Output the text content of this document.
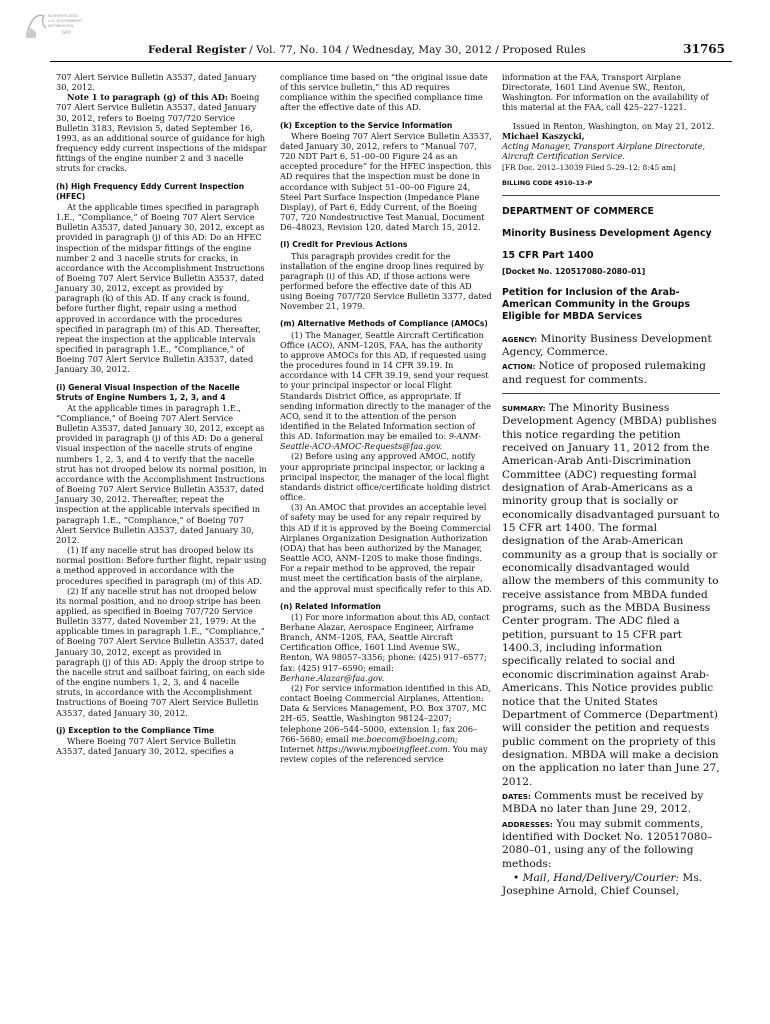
AUTHENTICATED
U.S. GOVERNMENT
INFORMATION
GPO
Federal Register / Vol. 77, No. 104 / Wednesday, May 30, 2012 / Proposed Rules	31765

707 Alert Service Bulletin A3537, dated January 30, 2012.

Note 1 to paragraph (g) of this AD: Boeing 707 Alert Service Bulletin A3537, dated January 30, 2012, refers to Boeing 707/720 Service Bulletin 3183, Revision 5, dated September 16, 1993, as an additional source of guidance for high frequency eddy current inspections of the midspar fittings of the engine number 2 and 3 nacelle struts for cracks.

(h) High Frequency Eddy Current Inspection (HFEC)

At the applicable times specified in paragraph 1.E., “Compliance,” of Boeing 707 Alert Service Bulletin A3537, dated January 30, 2012, except as provided in paragraph (j) of this AD: Do an HFEC inspection of the midspar fittings of the engine number 2 and 3 nacelle struts for cracks, in accordance with the Accomplishment Instructions of Boeing 707 Alert Service Bulletin A3537, dated January 30, 2012, except as provided by paragraph (k) of this AD. If any crack is found, before further flight, repair using a method approved in accordance with the procedures specified in paragraph (m) of this AD. Thereafter, repeat the inspection at the applicable intervals specified in paragraph 1.E., “Compliance,” of Boeing 707 Alert Service Bulletin A3537, dated January 30, 2012.

(i) General Visual Inspection of the Nacelle Struts of Engine Numbers 1, 2, 3, and 4

At the applicable times in paragraph 1.E., “Compliance,” of Boeing 707 Alert Service Bulletin A3537, dated January 30, 2012, except as provided in paragraph (j) of this AD: Do a general visual inspection of the nacelle struts of engine numbers 1, 2, 3, and 4 to verify that the nacelle strut has not drooped below its normal position, in accordance with the Accomplishment Instructions of Boeing 707 Alert Service Bulletin A3537, dated January 30, 2012. Thereafter, repeat the inspection at the applicable intervals specified in paragraph 1.E., “Compliance,” of Boeing 707 Alert Service Bulletin A3537, dated January 30, 2012.

(1) If any nacelle strut has drooped below its normal position: Before further flight, repair using a method approved in accordance with the procedures specified in paragraph (m) of this AD.

(2) If any nacelle strut has not drooped below its normal position, and no droop stripe has been applied, as specified in Boeing 707/720 Service Bulletin 3377, dated November 21, 1979: At the applicable times in paragraph 1.E., “Compliance,” of Boeing 707 Alert Service Bulletin A3537, dated January 30, 2012, except as provided in paragraph (j) of this AD: Apply the droop stripe to the nacelle strut and sailboat fairing, on each side of the engine numbers 1, 2, 3, and 4 nacelle struts, in accordance with the Accomplishment Instructions of Boeing 707 Alert Service Bulletin A3537, dated January 30, 2012.

(j) Exception to the Compliance Time

Where Boeing 707 Alert Service Bulletin A3537, dated January 30, 2012, specifies a

compliance time based on “the original issue date of this service bulletin,” this AD requires compliance within the specified compliance time after the effective date of this AD.

(k) Exception to the Service Information

Where Boeing 707 Alert Service Bulletin A3537, dated January 30, 2012, refers to “Manual 707, 720 NDT Part 6, 51–00–00 Figure 24 as an accepted procedure” for the HFEC inspection, this AD requires that the inspection must be done in accordance with Subject 51–00–00 Figure 24, Steel Part Surface Inspection (Impedance Plane Display), of Part 6, Eddy Current, of the Boeing 707, 720 Nondestructive Test Manual, Document D6–48023, Revision 120, dated March 15, 2012.

(l) Credit for Previous Actions

This paragraph provides credit for the installation of the engine droop lines required by paragraph (i) of this AD, if those actions were performed before the effective date of this AD using Boeing 707/720 Service Bulletin 3377, dated November 21, 1979.

(m) Alternative Methods of Compliance (AMOCs)

(1) The Manager, Seattle Aircraft Certification Office (ACO), ANM–120S, FAA, has the authority to approve AMOCs for this AD, if requested using the procedures found in 14 CFR 39.19. In accordance with 14 CFR 39.19, send your request to your principal inspector or local Flight Standards District Office, as appropriate. If sending information directly to the manager of the ACO, send it to the attention of the person identified in the Related Information section of this AD. Information may be emailed to: 9-ANM-Seattle-ACO-AMOC-Requests@faa.gov.

(2) Before using any approved AMOC, notify your appropriate principal inspector, or lacking a principal inspector, the manager of the local flight standards district office/certificate holding district office.

(3) An AMOC that provides an acceptable level of safety may be used for any repair required by this AD if it is approved by the Boeing Commercial Airplanes Organization Designation Authorization (ODA) that has been authorized by the Manager, Seattle ACO, ANM–120S to make those findings. For a repair method to be approved, the repair must meet the certification basis of the airplane, and the approval must specifically refer to this AD.

(n) Related Information

(1) For more information about this AD, contact Berhane Alazar, Aerospace Engineer, Airframe Branch, ANM–120S, FAA, Seattle Aircraft Certification Office, 1601 Lind Avenue SW., Renton, WA 98057–3356; phone: (425) 917–6577; fax: (425) 917–6590; email: Berhane.Alazar@faa.gov.

(2) For service information identified in this AD, contact Boeing Commercial Airplanes, Attention: Data & Services Management, P.O. Box 3707, MC 2H–65, Seattle, Washington 98124–2207; telephone 206–544–5000, extension 1; fax 206–766–5680; email me.boecom@boeing.com; Internet https://www.myboeingfleet.com. You may review copies of the referenced service

information at the FAA, Transport Airplane Directorate, 1601 Lind Avenue SW., Renton, Washington. For information on the availability of this material at the FAA, call 425–227–1221.

Issued in Renton, Washington, on May 21, 2012.

Michael Kaszycki,

Acting Manager, Transport Airplane Directorate, Aircraft Certification Service.

[FR Doc. 2012–13039 Filed 5–29–12; 8:45 am]

BILLING CODE 4910–13–P

DEPARTMENT OF COMMERCE

Minority Business Development Agency

15 CFR Part 1400

[Docket No. 120517080–2080–01]

Petition for Inclusion of the Arab-American Community in the Groups Eligible for MBDA Services

AGENCY: Minority Business Development Agency, Commerce.

ACTION: Notice of proposed rulemaking and request for comments.

SUMMARY: The Minority Business Development Agency (MBDA) publishes this notice regarding the petition received on January 11, 2012 from the American-Arab Anti-Discrimination Committee (ADC) requesting formal designation of Arab-Americans as a minority group that is socially or economically disadvantaged pursuant to 15 CFR art 1400. The formal designation of the Arab-American community as a group that is socially or economically disadvantaged would allow the members of this community to receive assistance from MBDA funded programs, such as the MBDA Business Center program. The ADC filed a petition, pursuant to 15 CFR part 1400.3, including information specifically related to social and economic discrimination against Arab-Americans. This Notice provides public notice that the United States Department of Commerce (Department) will consider the petition and requests public comment on the propriety of this designation. MBDA will make a decision on the application no later than June 27, 2012.

DATES: Comments must be received by MBDA no later than June 29, 2012.

ADDRESSES: You may submit comments, identified with Docket No. 120517080–2080–01, using any of the following methods:

• Mail, Hand/Delivery/Courier: Ms. Josephine Arnold, Chief Counsel,
